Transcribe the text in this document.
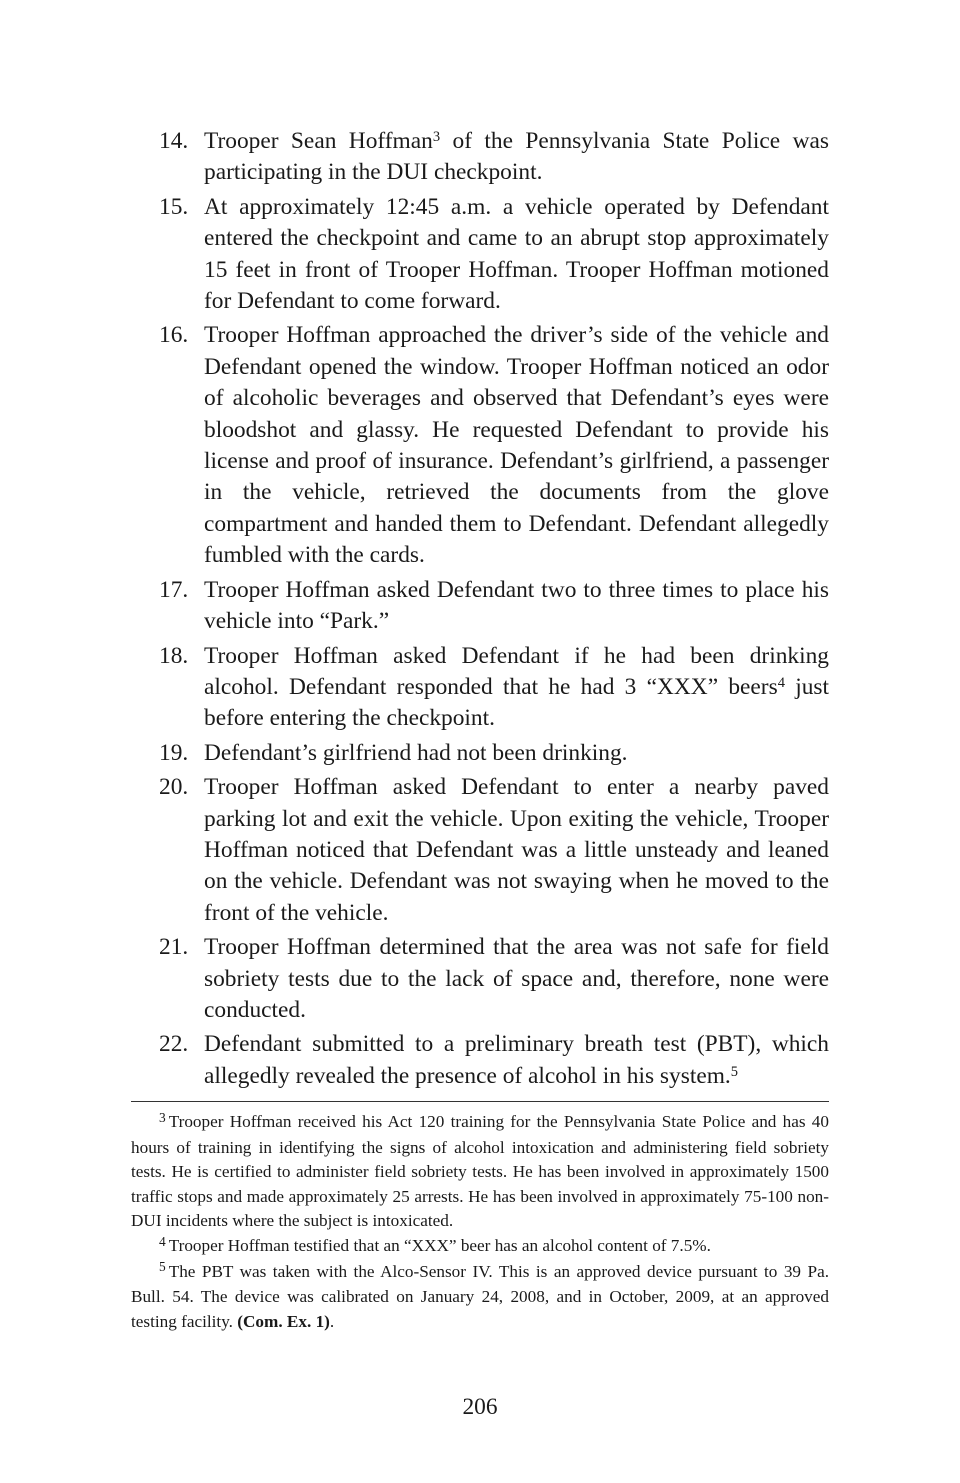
14. Trooper Sean Hoffman$^3$ of the Pennsylvania State Police was participating in the DUI checkpoint.
15. At approximately 12:45 a.m. a vehicle operated by Defendant entered the checkpoint and came to an abrupt stop approximately 15 feet in front of Trooper Hoffman. Trooper Hoffman motioned for Defendant to come forward.
16. Trooper Hoffman approached the driver’s side of the vehicle and Defendant opened the window. Trooper Hoffman noticed an odor of alcoholic beverages and observed that Defendant’s eyes were bloodshot and glassy. He requested Defendant to provide his license and proof of insurance. Defendant’s girlfriend, a passenger in the vehicle, retrieved the documents from the glove compartment and handed them to Defendant. Defendant allegedly fumbled with the cards.
17. Trooper Hoffman asked Defendant two to three times to place his vehicle into “Park.”
18. Trooper Hoffman asked Defendant if he had been drinking alcohol. Defendant responded that he had 3 “XXX” beers$^4$ just before entering the checkpoint.
19. Defendant’s girlfriend had not been drinking.
20. Trooper Hoffman asked Defendant to enter a nearby paved parking lot and exit the vehicle. Upon exiting the vehicle, Trooper Hoffman noticed that Defendant was a little unsteady and leaned on the vehicle. Defendant was not swaying when he moved to the front of the vehicle.
21. Trooper Hoffman determined that the area was not safe for field sobriety tests due to the lack of space and, therefore, none were conducted.
22. Defendant submitted to a preliminary breath test (PBT), which allegedly revealed the presence of alcohol in his system.$^5$

$^3$ Trooper Hoffman received his Act 120 training for the Pennsylvania State Police and has 40 hours of training in identifying the signs of alcohol intoxication and administering field sobriety tests. He is certified to administer field sobriety tests. He has been involved in approximately 1500 traffic stops and made approximately 25 arrests. He has been involved in approximately 75-100 non-DUI incidents where the subject is intoxicated.

$^4$ Trooper Hoffman testified that an “XXX” beer has an alcohol content of 7.5%.

$^5$ The PBT was taken with the Alco-Sensor IV. This is an approved device pursuant to 39 Pa. Bull. 54. The device was calibrated on January 24, 2008, and in October, 2009, at an approved testing facility. (Com. Ex. 1).

206
